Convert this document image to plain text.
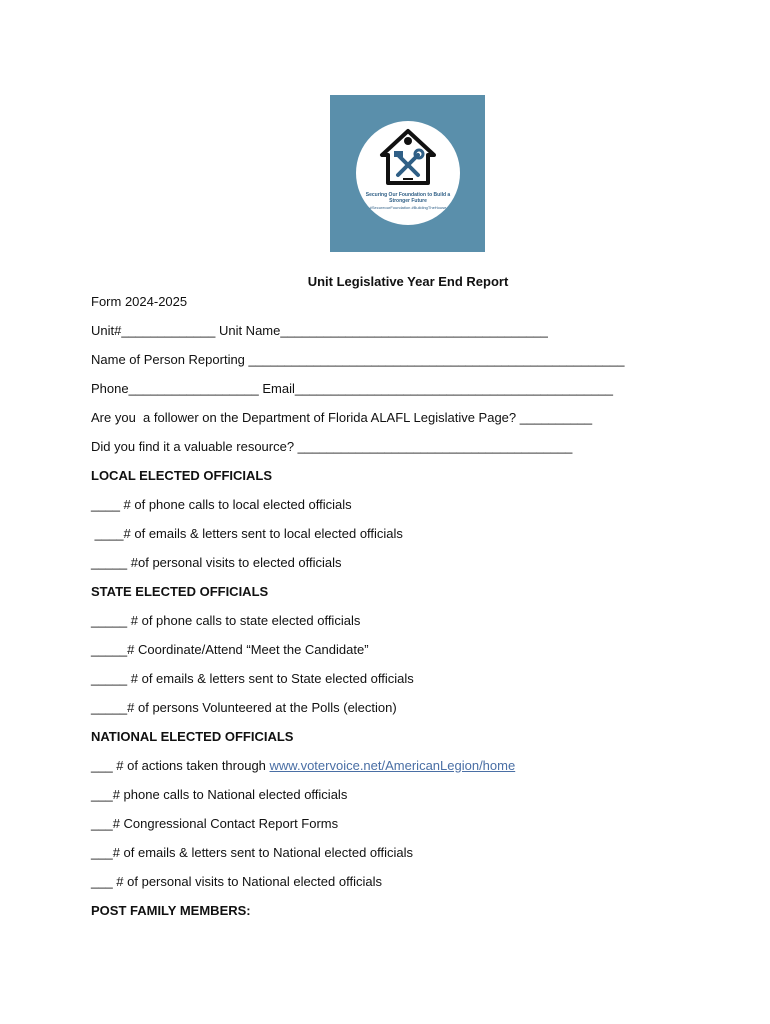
Securing Our Foundation to Build a Stronger Future
#SecureourFoundation #BuildingTheHouse
Unit Legislative Year End Report
Form 2024-2025
Unit#_____________ Unit Name_____________________________________
Name of Person Reporting ____________________________________________________
Phone__________________ Email____________________________________________
Are you  a follower on the Department of Florida ALAFL Legislative Page? __________
Did you find it a valuable resource? ______________________________________
LOCAL ELECTED OFFICIALS
____ # of phone calls to local elected officials
____# of emails & letters sent to local elected officials
_____ #of personal visits to elected officials
STATE ELECTED OFFICIALS
_____ # of phone calls to state elected officials
_____# Coordinate/Attend “Meet the Candidate”
_____ # of emails & letters sent to State elected officials
_____# of persons Volunteered at the Polls (election)
NATIONAL ELECTED OFFICIALS
___ # of actions taken through www.votervoice.net/AmericanLegion/home
___# phone calls to National elected officials
___# Congressional Contact Report Forms
___# of emails & letters sent to National elected officials
___ # of personal visits to National elected officials
POST FAMILY MEMBERS:
